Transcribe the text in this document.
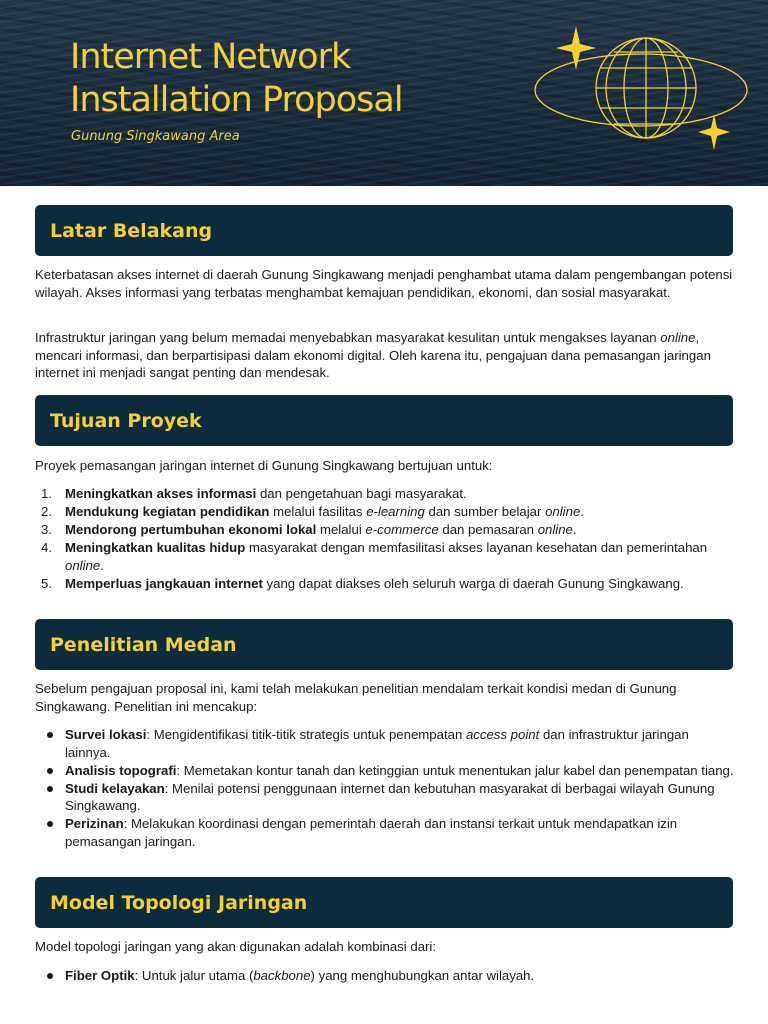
Internet Network
Installation Proposal
Gunung Singkawang Area
Latar Belakang

Keterbatasan akses internet di daerah Gunung Singkawang menjadi penghambat utama dalam pengembangan potensi wilayah. Akses informasi yang terbatas menghambat kemajuan pendidikan, ekonomi, dan sosial masyarakat.

Infrastruktur jaringan yang belum memadai menyebabkan masyarakat kesulitan untuk mengakses layanan online, mencari informasi, dan berpartisipasi dalam ekonomi digital. Oleh karena itu, pengajuan dana pemasangan jaringan internet ini menjadi sangat penting dan mendesak.

Tujuan Proyek

Proyek pemasangan jaringan internet di Gunung Singkawang bertujuan untuk:

1. Meningkatkan akses informasi dan pengetahuan bagi masyarakat.
2. Mendukung kegiatan pendidikan melalui fasilitas e-learning dan sumber belajar online.
3. Mendorong pertumbuhan ekonomi lokal melalui e-commerce dan pemasaran online.
4. Meningkatkan kualitas hidup masyarakat dengan memfasilitasi akses layanan kesehatan dan pemerintahan online.
5. Memperluas jangkauan internet yang dapat diakses oleh seluruh warga di daerah Gunung Singkawang.
Penelitian Medan

Sebelum pengajuan proposal ini, kami telah melakukan penelitian mendalam terkait kondisi medan di Gunung Singkawang. Penelitian ini mencakup:

Survei lokasi: Mengidentifikasi titik-titik strategis untuk penempatan access point dan infrastruktur jaringan lainnya.
Analisis topografi: Memetakan kontur tanah dan ketinggian untuk menentukan jalur kabel dan penempatan tiang.
Studi kelayakan: Menilai potensi penggunaan internet dan kebutuhan masyarakat di berbagai wilayah Gunung Singkawang.
Perizinan: Melakukan koordinasi dengan pemerintah daerah dan instansi terkait untuk mendapatkan izin pemasangan jaringan.
Model Topologi Jaringan

Model topologi jaringan yang akan digunakan adalah kombinasi dari:

Fiber Optik: Untuk jalur utama (backbone) yang menghubungkan antar wilayah.
